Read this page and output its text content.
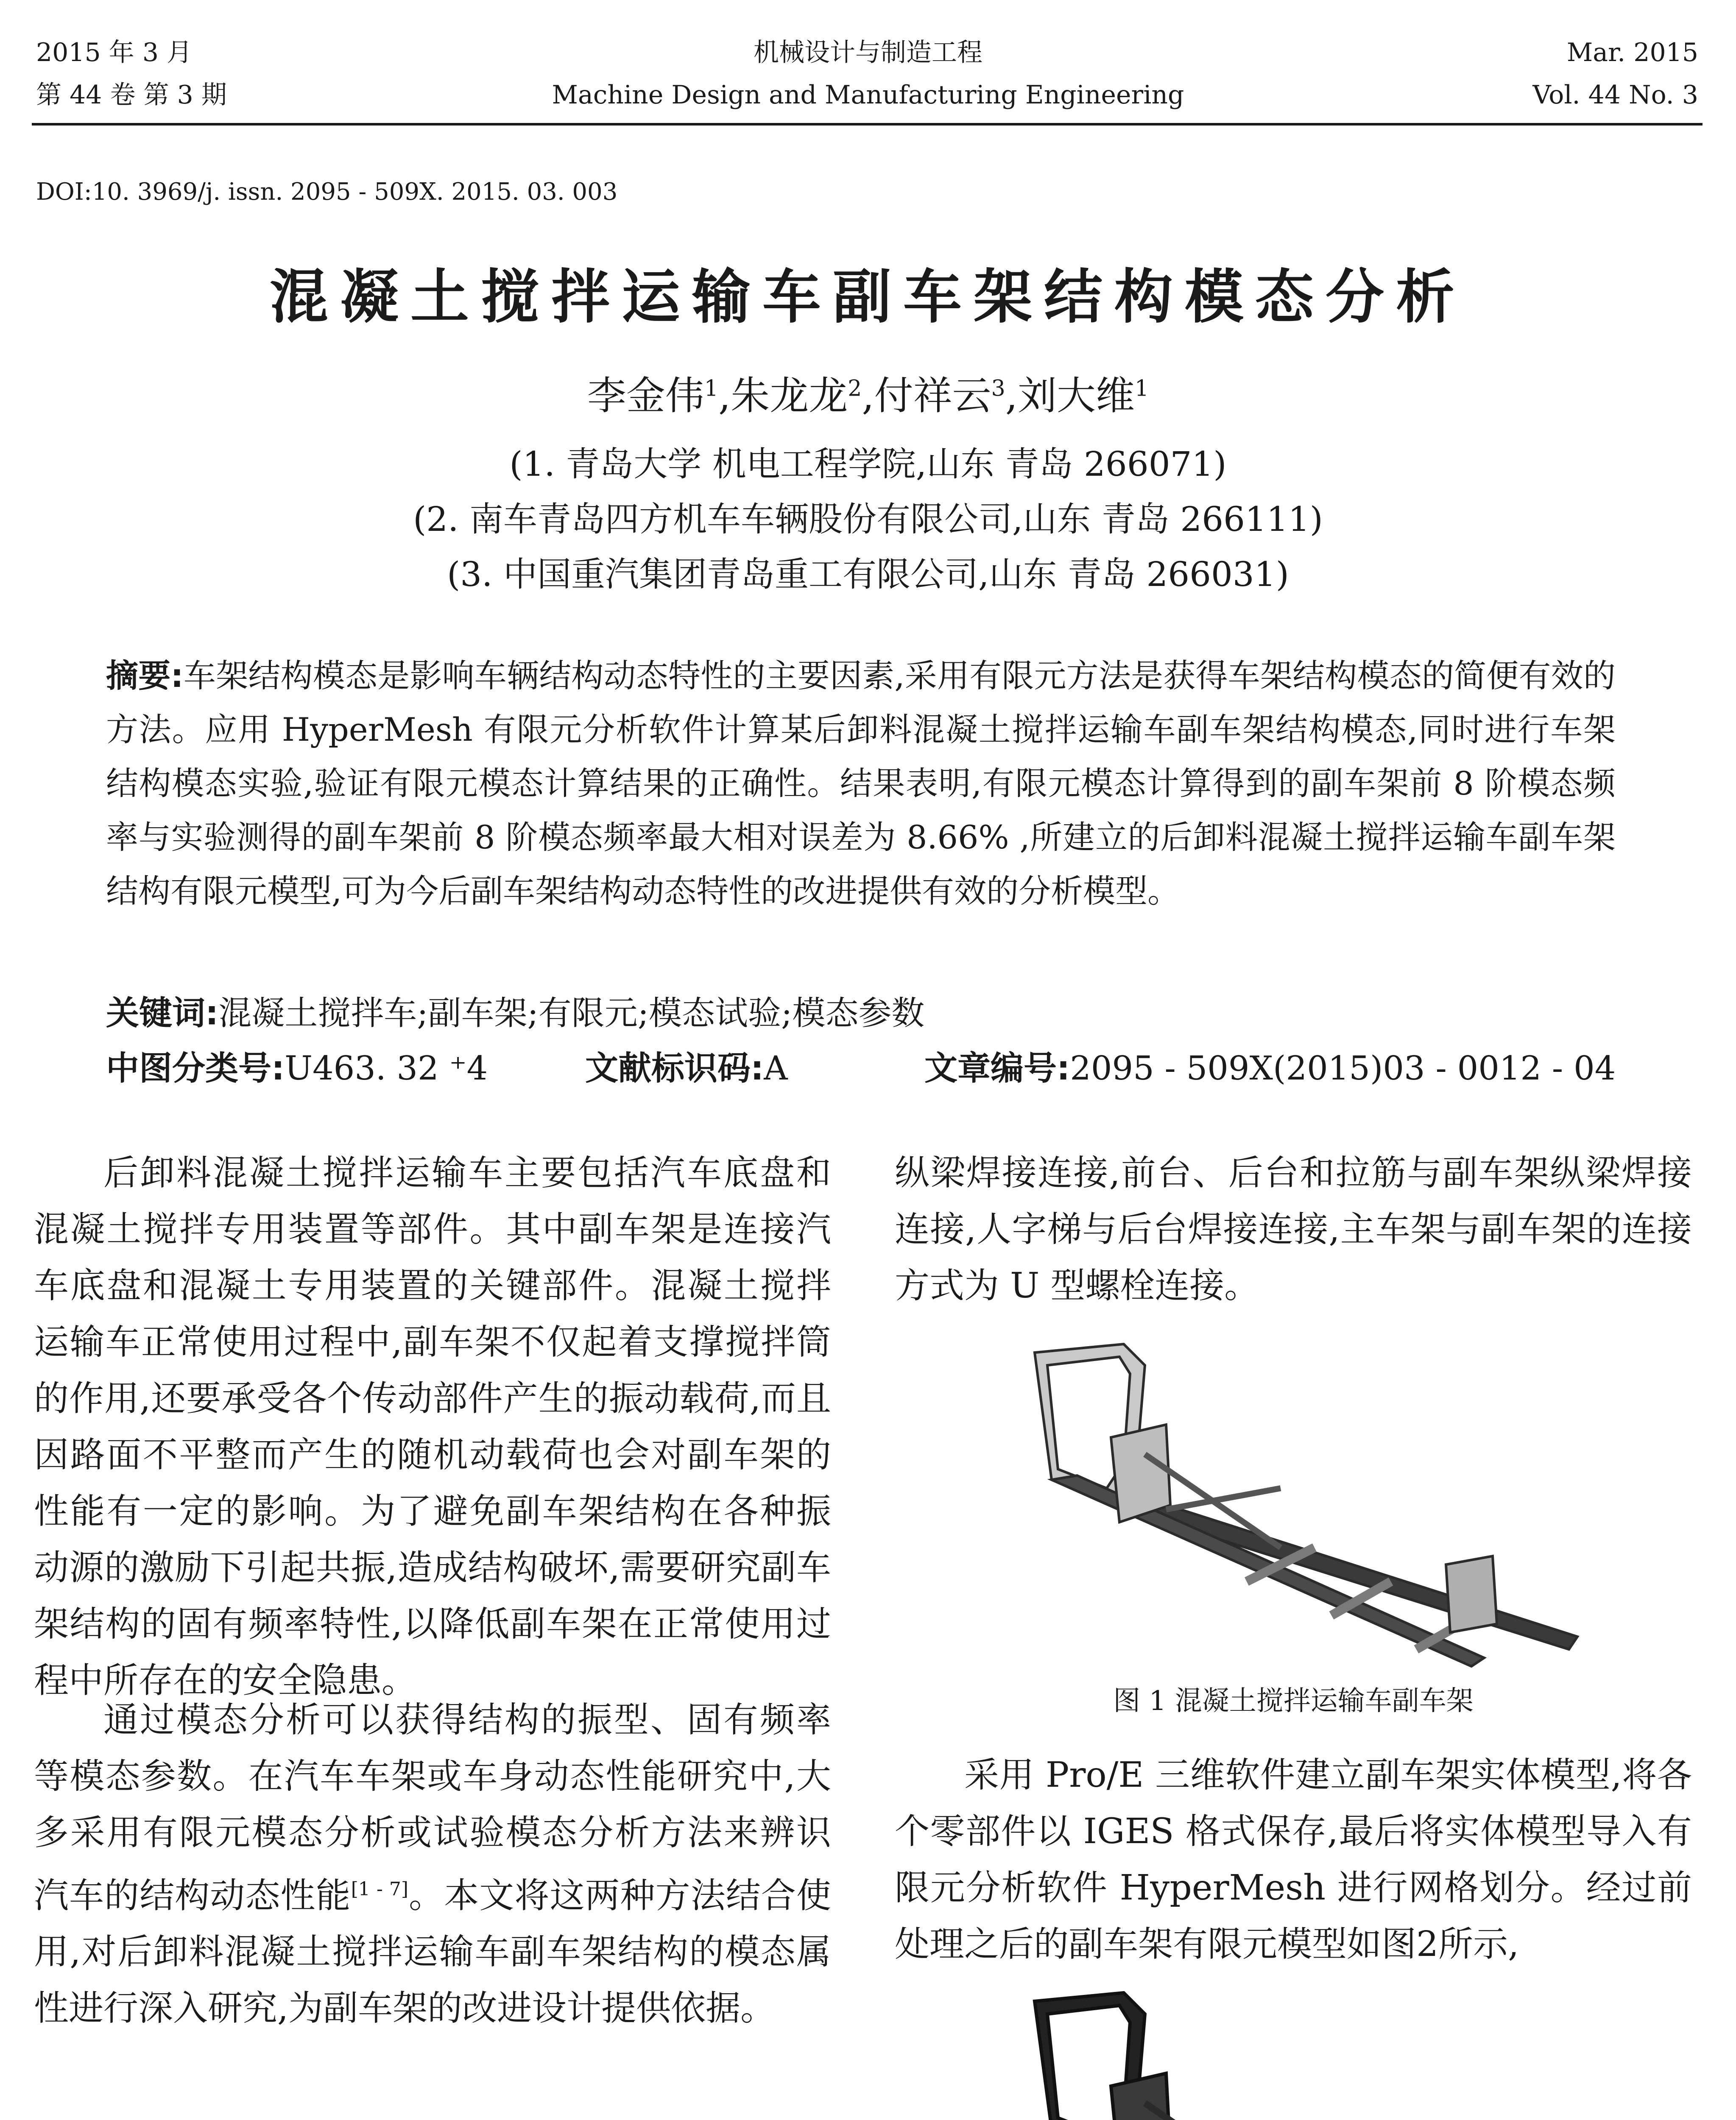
2015 年 3 月
第 44 卷 第 3 期
机械设计与制造工程
Machine Design and Manufacturing Engineering
Mar. 2015
Vol. 44 No. 3
DOI:10. 3969/j. issn. 2095 - 509X. 2015. 03. 003
混凝土搅拌运输车副车架结构模态分析
李金伟$^1$,朱龙龙$^2$,付祥云$^3$,刘大维$^1$
(1. 青岛大学 机电工程学院,山东 青岛 266071)
(2. 南车青岛四方机车车辆股份有限公司,山东 青岛 266111)
(3. 中国重汽集团青岛重工有限公司,山东 青岛 266031)
摘要:车架结构模态是影响车辆结构动态特性的主要因素,采用有限元方法是获得车架结构模态的简便有效的方法。应用 HyperMesh 有限元分析软件计算某后卸料混凝土搅拌运输车副车架结构模态,同时进行车架结构模态实验,验证有限元模态计算结果的正确性。结果表明,有限元模态计算得到的副车架前 8 阶模态频率与实验测得的副车架前 8 阶模态频率最大相对误差为 8.66% ,所建立的后卸料混凝土搅拌运输车副车架结构有限元模型,可为今后副车架结构动态特性的改进提供有效的分析模型。
关键词:混凝土搅拌车;副车架;有限元;模态试验;模态参数
中图分类号:U463. 32 ⁺4	文献标识码:A	文章编号:2095 - 509X(2015)03 - 0012 - 04

后卸料混凝土搅拌运输车主要包括汽车底盘和混凝土搅拌专用装置等部件。其中副车架是连接汽车底盘和混凝土专用装置的关键部件。混凝土搅拌运输车正常使用过程中,副车架不仅起着支撑搅拌筒的作用,还要承受各个传动部件产生的振动载荷,而且因路面不平整而产生的随机动载荷也会对副车架的性能有一定的影响。为了避免副车架结构在各种振动源的激励下引起共振,造成结构破坏,需要研究副车架结构的固有频率特性,以降低副车架在正常使用过程中所存在的安全隐患。

通过模态分析可以获得结构的振型、固有频率等模态参数。在汽车车架或车身动态性能研究中,大多采用有限元模态分析或试验模态分析方法来辨识汽车的结构动态性能[1 - 7]。本文将这两种方法结合使用,对后卸料混凝土搅拌运输车副车架结构的模态属性进行深入研究,为副车架的改进设计提供依据。

纵梁焊接连接,前台、后台和拉筋与副车架纵梁焊接连接,人字梯与后台焊接连接,主车架与副车架的连接方式为 U 型螺栓连接。

图 1 混凝土搅拌运输车副车架

采用 Pro/E 三维软件建立副车架实体模型,将各个零部件以 IGES 格式保存,最后将实体模型导入有限元分析软件 HyperMesh 进行网格划分。经过前处理之后的副车架有限元模型如图2所示,
